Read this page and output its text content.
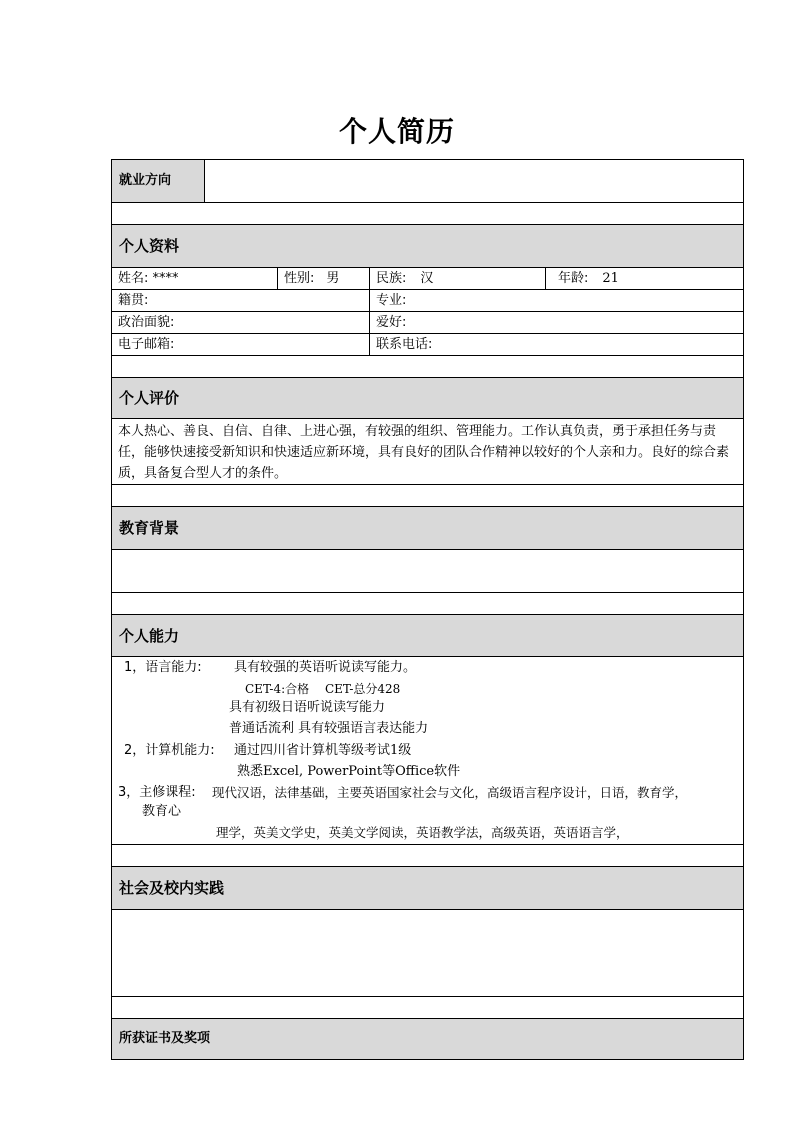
个人简历
就业方向
个人资料
姓名: ****	性别: 男	民族: 汉	年龄: 21
籍贯:	专业:
政治面貌:	爱好:
电子邮箱:	联系电话:
个人评价
本人热心、善良、自信、自律、上进心强，有较强的组织、管理能力。工作认真负责，勇于承担任务与责任，能够快速接受新知识和快速适应新环境，具有良好的团队合作精神以较好的个人亲和力。良好的综合素质，具备复合型人才的条件。
教育背景
个人能力
1，语言能力: 具有较强的英语听说读写能力。
CET-4:合格　 CET-总分428
具有初级日语听说读写能力
普通话流利 具有较强语言表达能力
2，计算机能力: 通过四川省计算机等级考试1级
熟悉Excel, PowerPoint等Office软件
3，主修课程: 现代汉语，法律基础，主要英语国家社会与文化，高级语言程序设计，日语，教育学，
教育心
理学，英美文学史，英美文学阅读，英语教学法，高级英语，英语语言学，
社会及校内实践
所获证书及奖项
